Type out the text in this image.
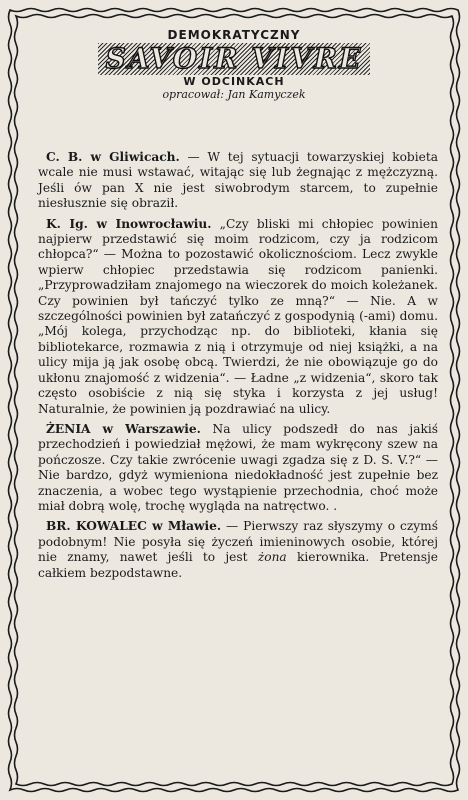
DEMOKRATYCZNY
SAVOIR VIVRE
W ODCINKACH
opracował: Jan Kamyczek

C. B. w Gliwicach. — W tej sytuacji towarzyskiej kobieta wcale nie musi wstawać, witając się lub żegnając z mężczyzną. Jeśli ów pan X nie jest siwobrodym starcem, to zupełnie niesłusznie się obraził.

K. Ig. w Inowrocławiu. „Czy bliski mi chłopiec powinien najpierw przedstawić się moim rodzicom, czy ja rodzicom chłopca?“ — Można to pozostawić okolicznościom. Lecz zwykle wpierw chłopiec przedstawia się rodzicom panienki. „Przyprowadziłam znajomego na wieczorek do moich koleżanek. Czy powinien był tańczyć tylko ze mną?“ — Nie. A w szczególności powinien był zatańczyć z gospodynią (-ami) domu. „Mój kolega, przychodząc np. do biblioteki, kłania się bibliotekarce, rozmawia z nią i otrzymuje od niej książki, a na ulicy mija ją jak osobę obcą. Twierdzi, że nie obowiązuje go do ukłonu znajomość z widzenia“. — Ładne „z widzenia“, skoro tak często osobiście z nią się styka i korzysta z jej usług! Naturalnie, że powinien ją pozdrawiać na ulicy.

ŻENIA w Warszawie. Na ulicy podszedł do nas jakiś przechodzień i powiedział mężowi, że mam wykręcony szew na pończosze. Czy takie zwrócenie uwagi zgadza się z D. S. V.?“ — Nie bardzo, gdyż wymieniona niedokładność jest zupełnie bez znaczenia, a wobec tego wystąpienie przechodnia, choć może miał dobrą wolę, trochę wygląda na natręctwo. .

BR. KOWALEC w Mławie. — Pierwszy raz słyszymy o czymś podobnym! Nie posyła się życzeń imieninowych osobie, której nie znamy, nawet jeśli to jest żona kierownika. Pretensje całkiem bezpodstawne.
